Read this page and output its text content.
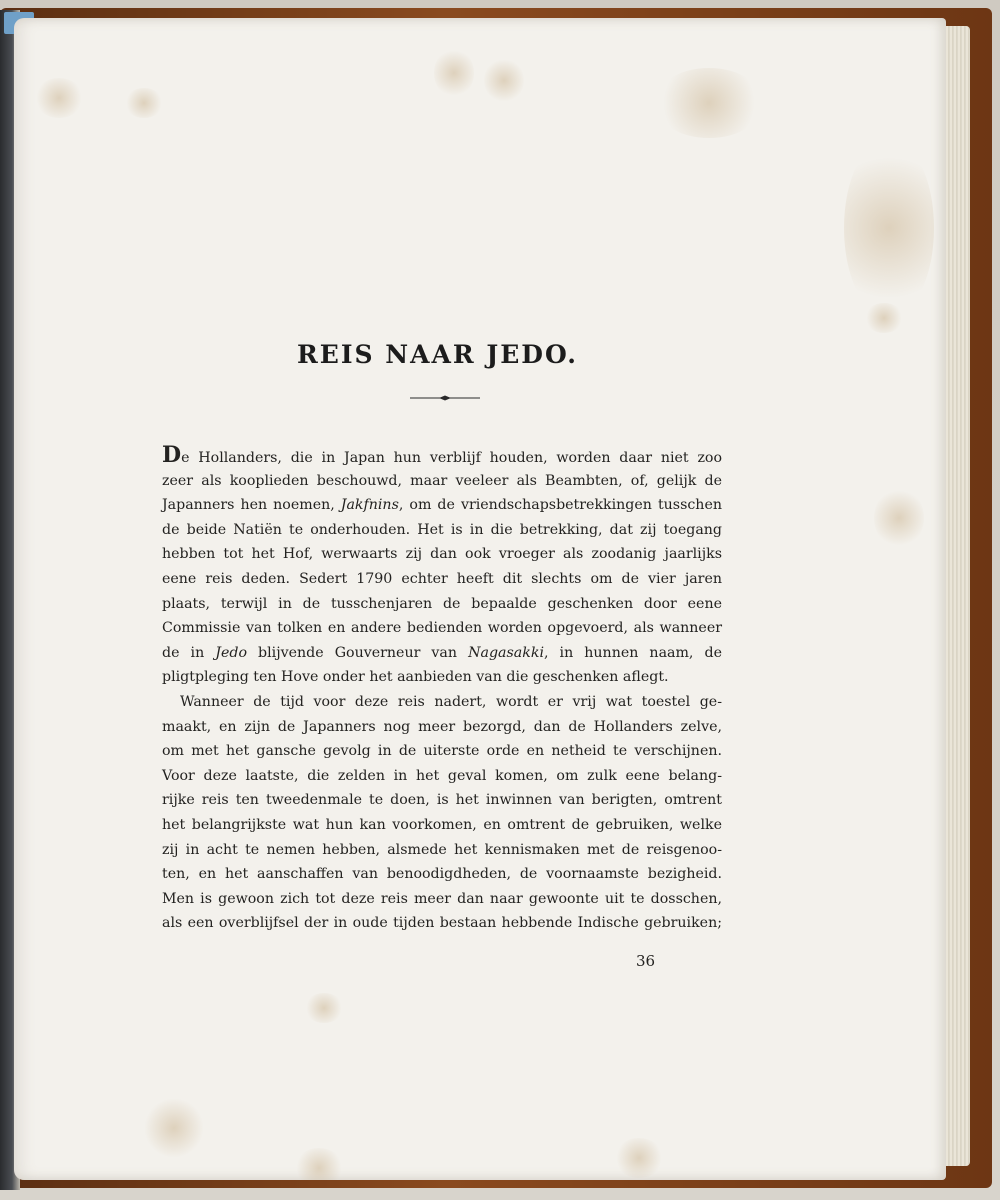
REIS NAAR JEDO.
De Hollanders, die in Japan hun verblijf houden, worden daar niet zoo
zeer als kooplieden beschouwd, maar veeleer als Beambten, of, gelijk de
Japanners hen noemen, Jakfnins, om de vriendschapsbetrekkingen tusschen
de beide Natiën te onderhouden. Het is in die betrekking, dat zij toegang
hebben tot het Hof, werwaarts zij dan ook vroeger als zoodanig jaarlijks
eene reis deden. Sedert 1790 echter heeft dit slechts om de vier jaren
plaats, terwijl in de tusschenjaren de bepaalde geschenken door eene
Commissie van tolken en andere bedienden worden opgevoerd, als wanneer
de in Jedo blijvende Gouverneur van Nagasakki, in hunnen naam, de
pligtpleging ten Hove onder het aanbieden van die geschenken aflegt.
Wanneer de tijd voor deze reis nadert, wordt er vrij wat toestel ge-
maakt, en zijn de Japanners nog meer bezorgd, dan de Hollanders zelve,
om met het gansche gevolg in de uiterste orde en netheid te verschijnen.
Voor deze laatste, die zelden in het geval komen, om zulk eene belang-
rijke reis ten tweedenmale te doen, is het inwinnen van berigten, omtrent
het belangrijkste wat hun kan voorkomen, en omtrent de gebruiken, welke
zij in acht te nemen hebben, alsmede het kennismaken met de reisgenoo-
ten, en het aanschaffen van benoodigdheden, de voornaamste bezigheid.
Men is gewoon zich tot deze reis meer dan naar gewoonte uit te dosschen,
als een overblijfsel der in oude tijden bestaan hebbende Indische gebruiken;
36
